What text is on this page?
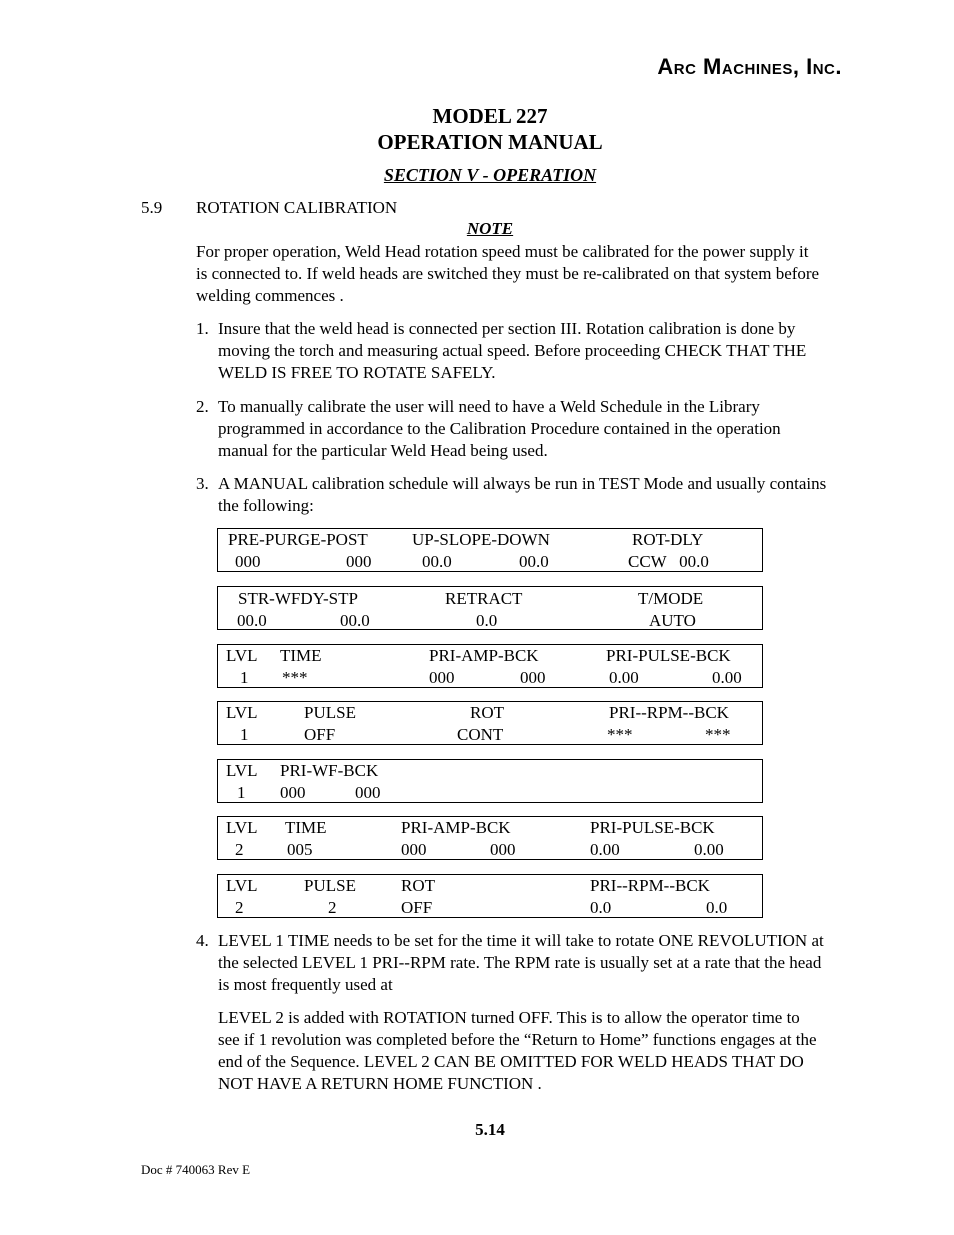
Arc Machines, Inc.
MODEL 227
OPERATION MANUAL
SECTION V - OPERATION
5.9 ROTATION CALIBRATION
NOTE
For proper operation, Weld Head rotation speed must be calibrated for the power supply it is connected to. If weld heads are switched they must be re-calibrated on that system before welding commences .
1. Insure that the weld head is connected per section III. Rotation calibration is done by moving the torch and measuring actual speed. Before proceeding CHECK THAT THE WELD IS FREE TO ROTATE SAFELY.
2. To manually calibrate the user will need to have a Weld Schedule in the Library programmed in accordance to the Calibration Procedure contained in the operation manual for the particular Weld Head being used.
3. A MANUAL calibration schedule will always be run in TEST Mode and usually contains the following:
PRE-PURGE-POST	UP-SLOPE-DOWN	ROT-DLY
000	000	00.0	00.0	CCW   00.0
STR-WFDY-STP	RETRACT	T/MODE
00.0	00.0	0.0	AUTO
LVL TIME	PRI-AMP-BCK	PRI-PULSE-BCK
1 ***	000	000	0.00	0.00
LVL	PULSE	ROT	PRI--RPM--BCK
1	OFF	CONT	***	***
LVL PRI-WF-BCK
1 000	000
LVL TIME	PRI-AMP-BCK	PRI-PULSE-BCK
2	005	000	000	0.00	0.00
LVL	PULSE	ROT	PRI--RPM--BCK
2	2	OFF	0.0	0.0
4. LEVEL 1 TIME needs to be set for the time it will take to rotate ONE REVOLUTION at the selected LEVEL 1 PRI--RPM rate. The RPM rate is usually set at a rate that the head is most frequently used at
LEVEL 2 is added with ROTATION turned OFF. This is to allow the operator time to see if 1 revolution was completed before the “Return to Home” functions engages at the end of the Sequence. LEVEL 2 CAN BE OMITTED FOR WELD HEADS THAT DO NOT HAVE A RETURN HOME FUNCTION .
5.14
Doc # 740063 Rev E
